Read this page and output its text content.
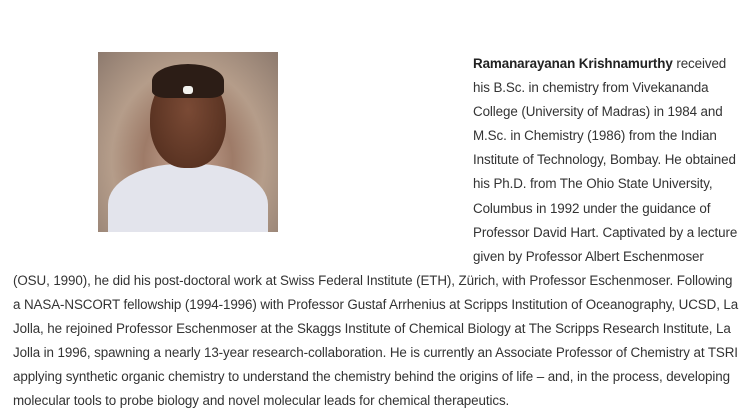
Ramanarayanan Krishnamurthy received his B.Sc. in chemistry from Vivekananda College (University of Madras) in 1984 and M.Sc. in Chemistry (1986) from the Indian Institute of Technology, Bombay. He obtained his Ph.D. from The Ohio State University, Columbus in 1992 under the guidance of Professor David Hart. Captivated by a lecture given by Professor Albert Eschenmoser (OSU, 1990), he did his post-doctoral work at Swiss Federal Institute (ETH), Zürich, with Professor Eschenmoser. Following a NASA-NSCORT fellowship (1994-1996) with Professor Gustaf Arrhenius at Scripps Institution of Oceanography, UCSD, La Jolla, he rejoined Professor Eschenmoser at the Skaggs Institute of Chemical Biology at The Scripps Research Institute, La Jolla in 1996, spawning a nearly 13-year research-collaboration. He is currently an Associate Professor of Chemistry at TSRI applying synthetic organic chemistry to understand the chemistry behind the origins of life – and, in the process, developing molecular tools to probe biology and novel molecular leads for chemical therapeutics.
